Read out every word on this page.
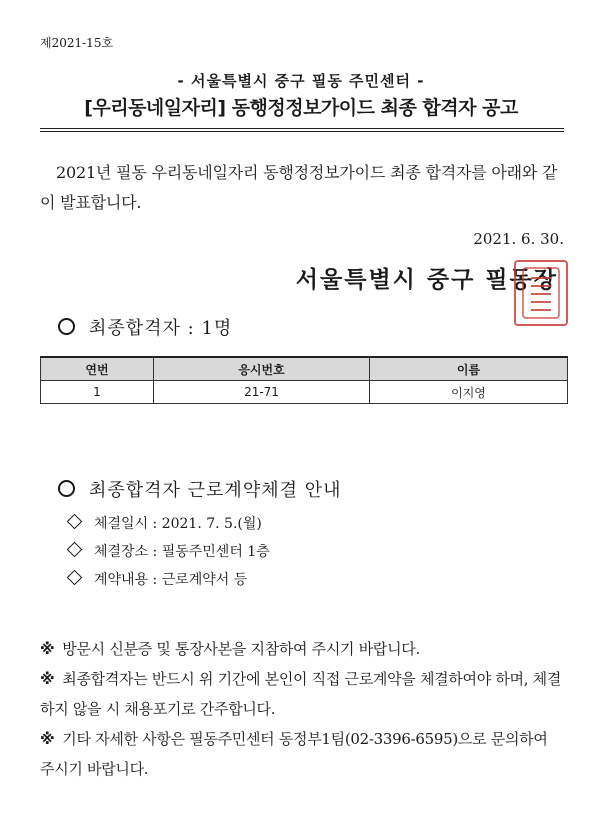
제2021-15호
- 서울특별시 중구 필동 주민센터 -
[우리동네일자리] 동행정정보가이드 최종 합격자 공고
2021년 필동 우리동네일자리 동행정정보가이드 최종 합격자를 아래와 같이 발표합니다.
2021. 6. 30.
서울특별시 중구 필동장
최종합격자 : 1명
연번	응시번호	이름
1	21-71	이지영
최종합격자 근로계약체결 안내
체결일시 : 2021. 7. 5.(월)
체결장소 : 필동주민센터 1층
계약내용 : 근로계약서 등

※ 방문시 신분증 및 통장사본을 지참하여 주시기 바랍니다.

※ 최종합격자는 반드시 위 기간에 본인이 직접 근로계약을 체결하여야 하며, 체결하지 않을 시 채용포기로 간주합니다.

※ 기타 자세한 사항은 필동주민센터 동정부1팀(02-3396-6595)으로 문의하여 주시기 바랍니다.
